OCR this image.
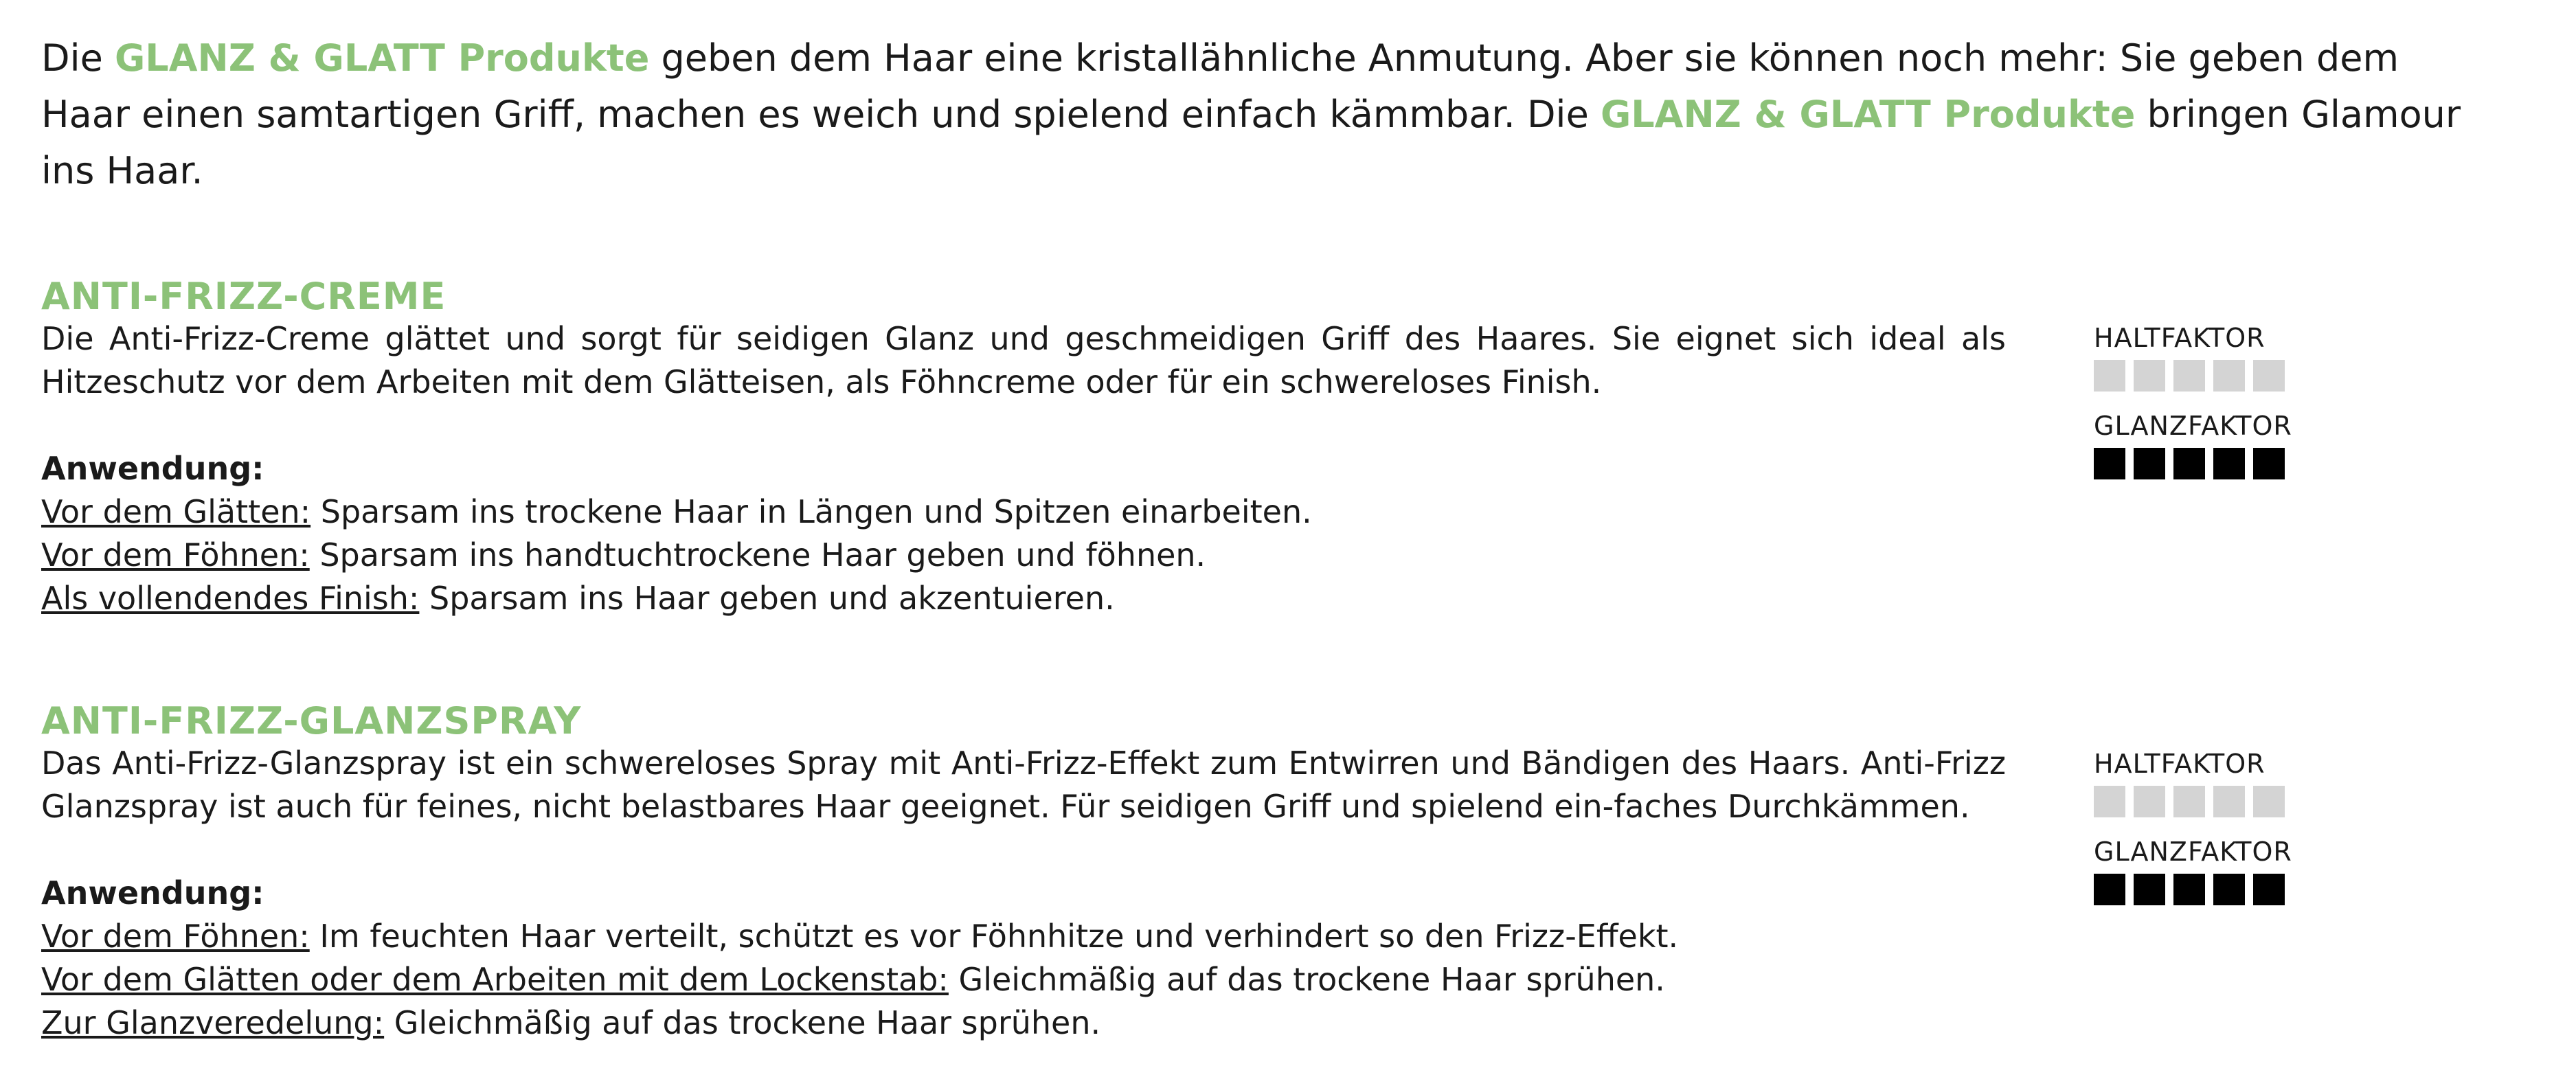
Die GLANZ & GLATT Produkte geben dem Haar eine kristallähnliche Anmutung. Aber sie können noch mehr: Sie geben dem Haar einen samtartigen Griff, machen es weich und spielend einfach kämmbar. Die GLANZ & GLATT Produkte bringen Glamour ins Haar.
ANTI-FRIZZ-CREME

Die Anti-Frizz-Creme glättet und sorgt für seidigen Glanz und geschmeidigen Griff des Haares. Sie eignet sich ideal als Hitzeschutz vor dem Arbeiten mit dem Glätteisen, als Föhncreme oder für ein schwereloses Finish.

Anwendung:
Vor dem Glätten: Sparsam ins trockene Haar in Längen und Spitzen einarbeiten.
Vor dem Föhnen: Sparsam ins handtuchtrockene Haar geben und föhnen.
Als vollendendes Finish: Sparsam ins Haar geben und akzentuieren.
HALTFAKTOR
GLANZFAKTOR
ANTI-FRIZZ-GLANZSPRAY

Das Anti-Frizz-Glanzspray ist ein schwereloses Spray mit Anti-Frizz-Effekt zum Entwirren und Bändigen des Haars. Anti-Frizz Glanzspray ist auch für feines, nicht belastbares Haar geeignet. Für seidigen Griff und spielend ein-faches Durchkämmen.

Anwendung:
Vor dem Föhnen: Im feuchten Haar verteilt, schützt es vor Föhnhitze und verhindert so den Frizz-Effekt.
Vor dem Glätten oder dem Arbeiten mit dem Lockenstab: Gleichmäßig auf das trockene Haar sprühen.
Zur Glanzveredelung: Gleichmäßig auf das trockene Haar sprühen.
HALTFAKTOR
GLANZFAKTOR
